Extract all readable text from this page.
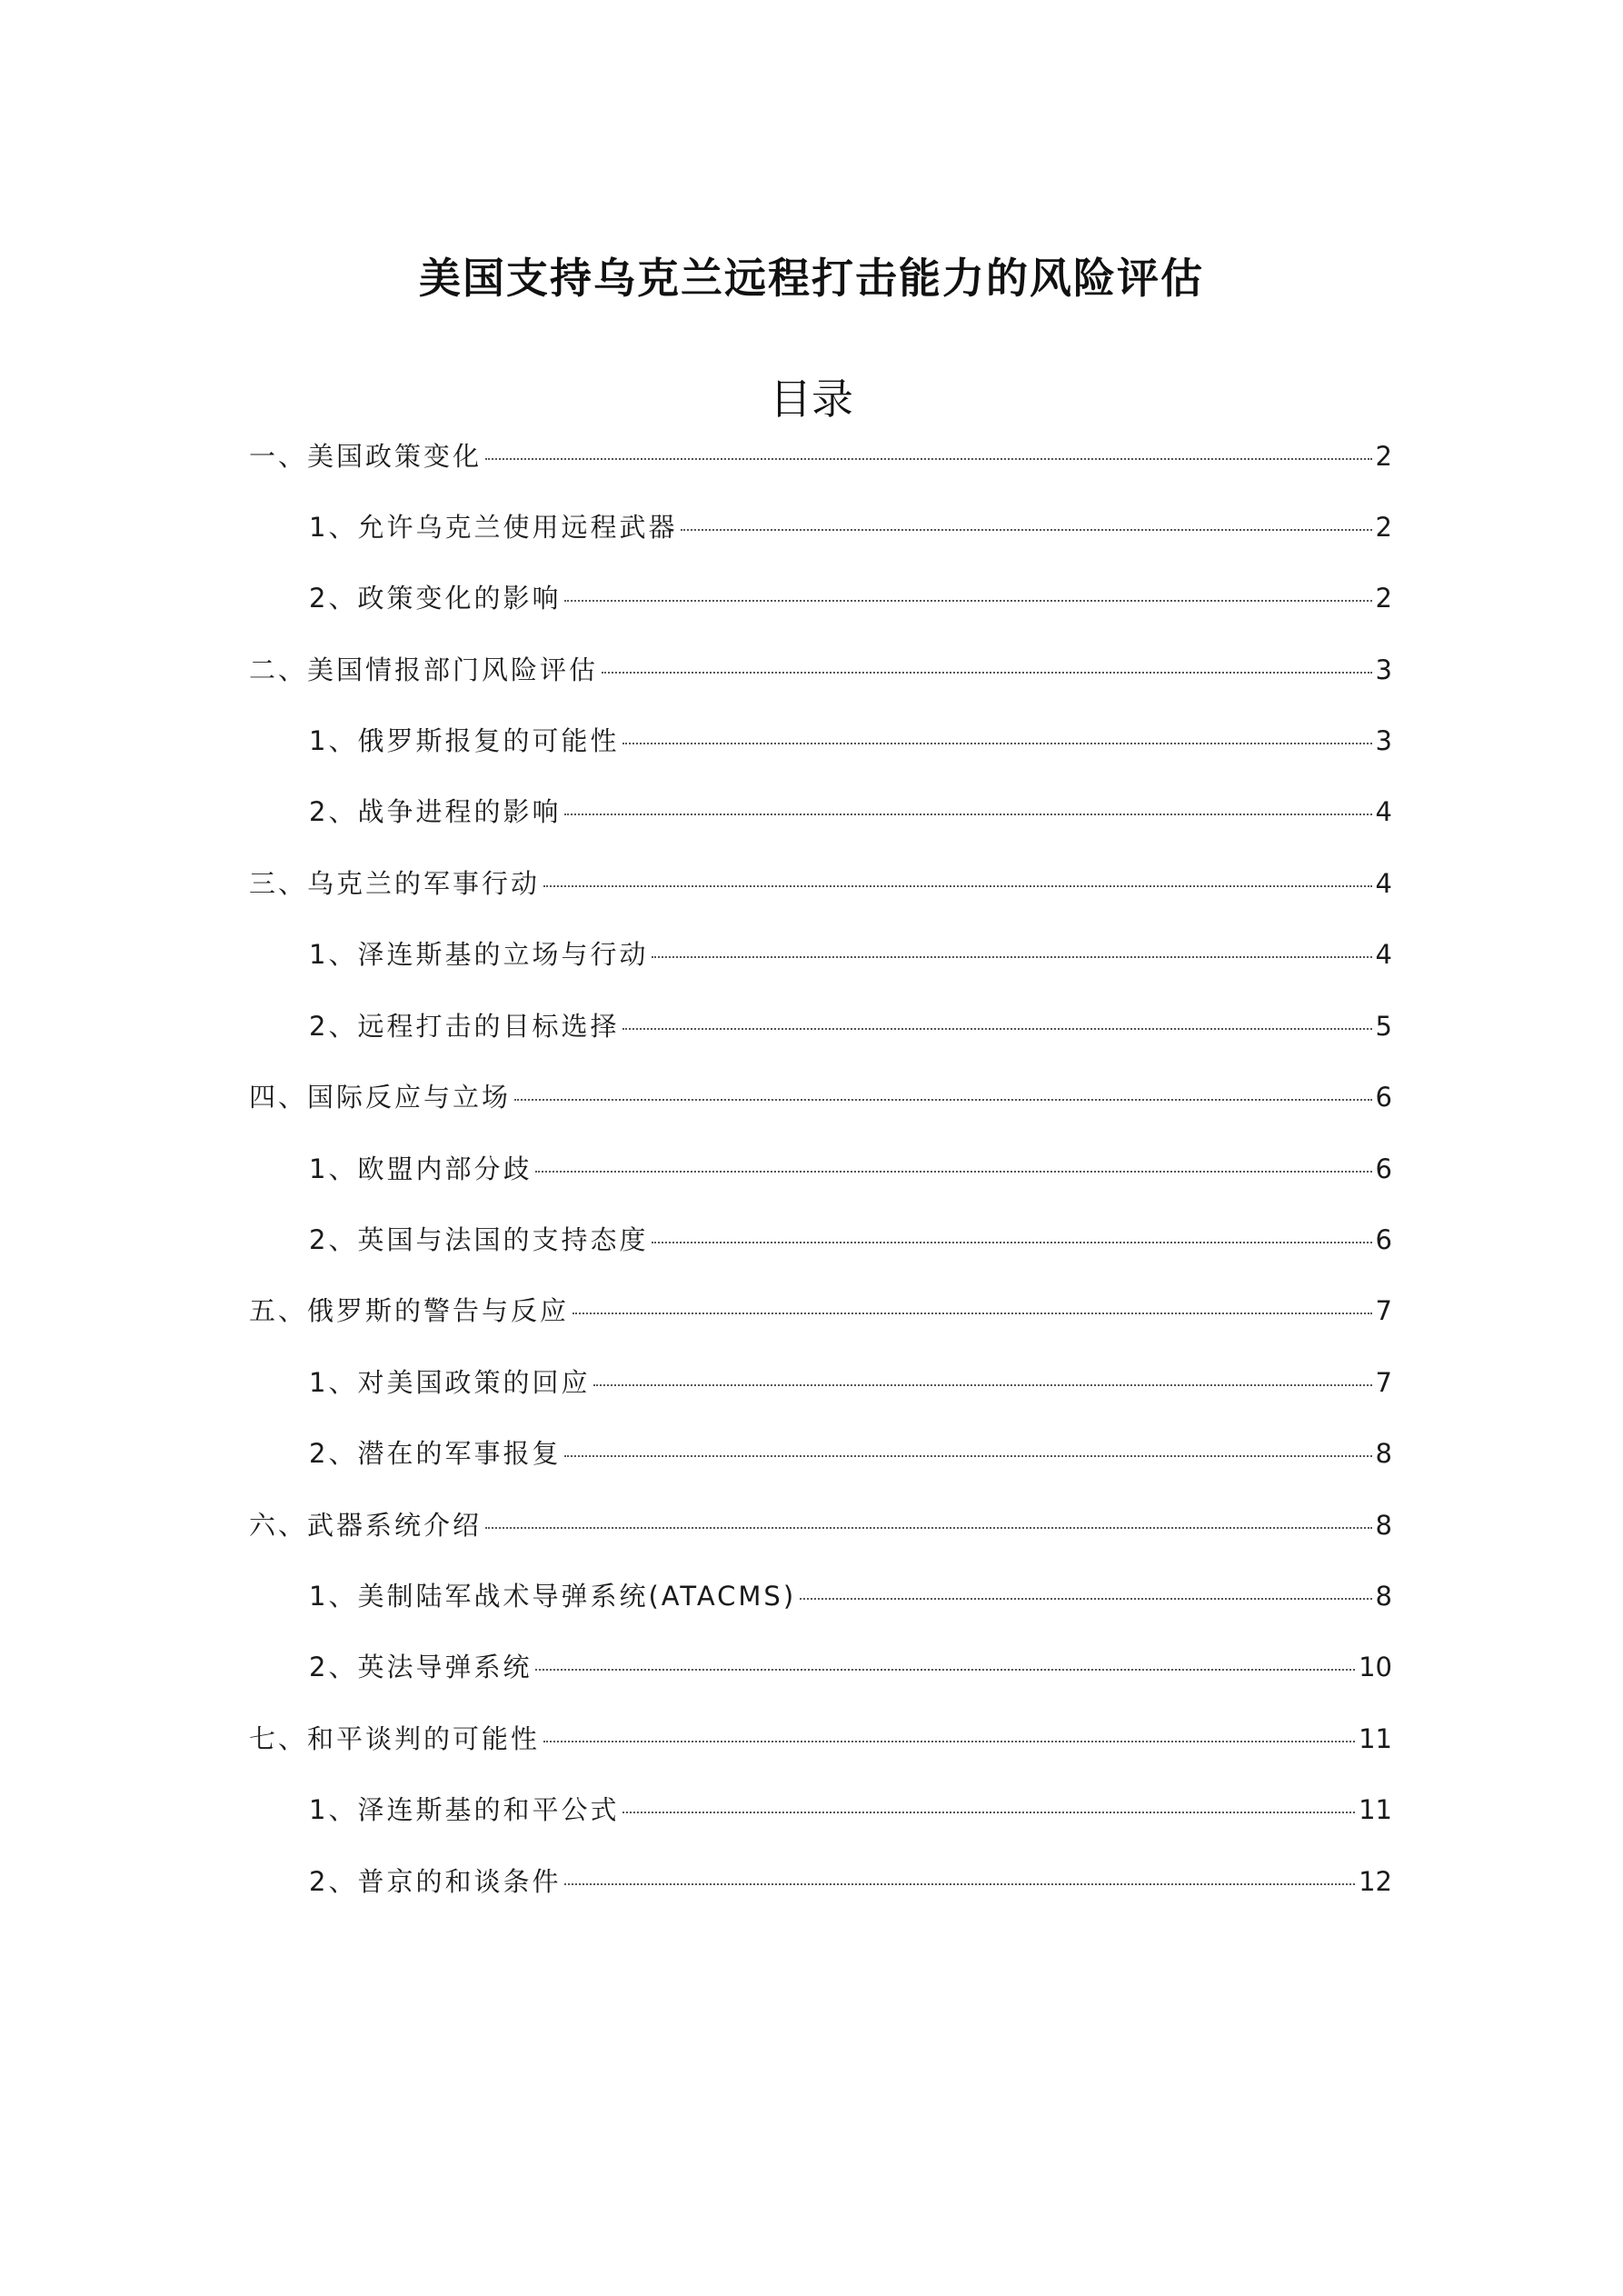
美国支持乌克兰远程打击能力的风险评估
目录
一、美国政策变化	2
1、允许乌克兰使用远程武器	2
2、政策变化的影响	2
二、美国情报部门风险评估	3
1、俄罗斯报复的可能性	3
2、战争进程的影响	4
三、乌克兰的军事行动	4
1、泽连斯基的立场与行动	4
2、远程打击的目标选择	5
四、国际反应与立场	6
1、欧盟内部分歧	6
2、英国与法国的支持态度	6
五、俄罗斯的警告与反应	7
1、对美国政策的回应	7
2、潜在的军事报复	8
六、武器系统介绍	8
1、美制陆军战术导弹系统(ATACMS)	8
2、英法导弹系统	10
七、和平谈判的可能性	11
1、泽连斯基的和平公式	11
2、普京的和谈条件	12
